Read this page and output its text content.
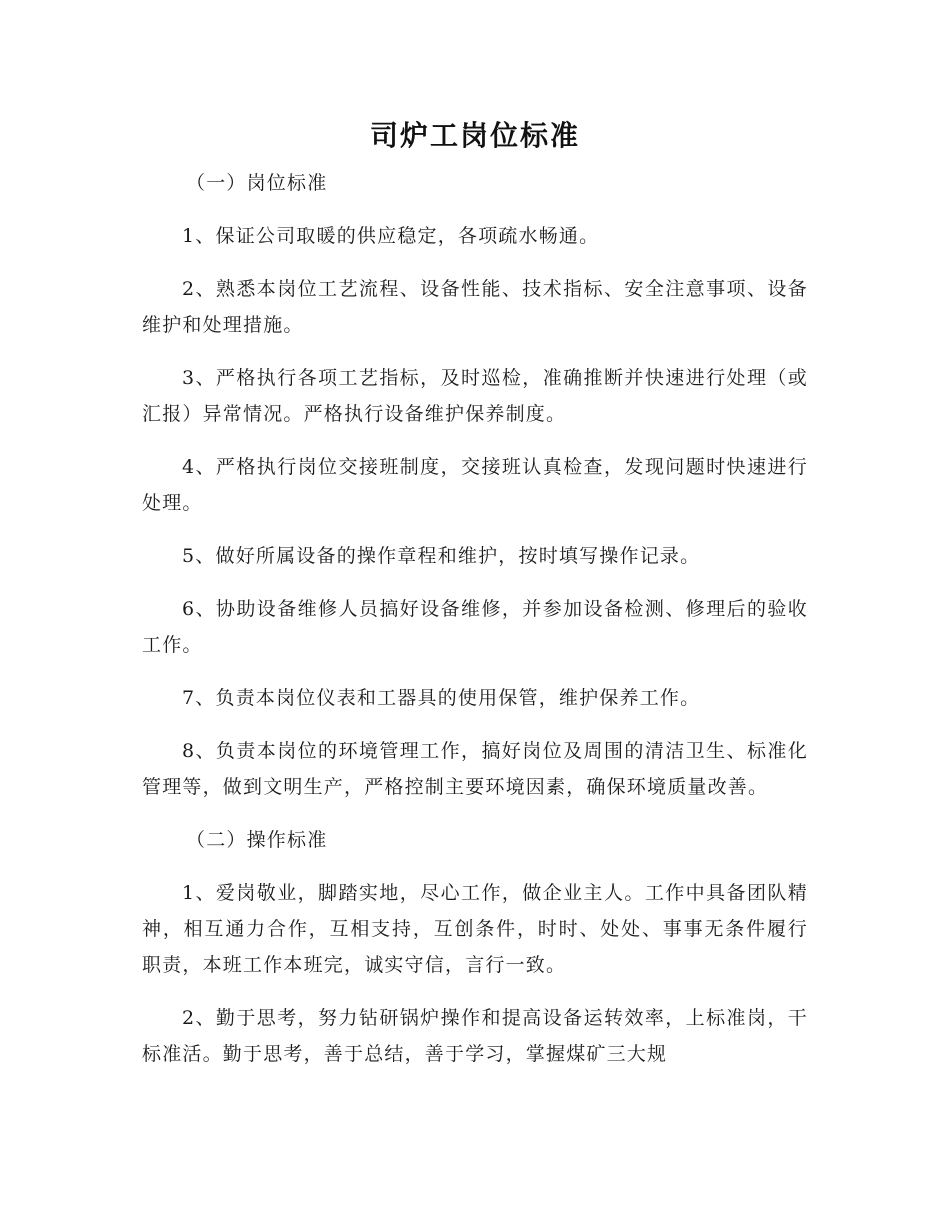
司炉工岗位标准

（一）岗位标准

1、保证公司取暖的供应稳定，各项疏水畅通。

2、熟悉本岗位工艺流程、设备性能、技术指标、安全注意事项、设备维护和处理措施。

3、严格执行各项工艺指标，及时巡检，准确推断并快速进行处理（或汇报）异常情况。严格执行设备维护保养制度。

4、严格执行岗位交接班制度，交接班认真检查，发现问题时快速进行处理。

5、做好所属设备的操作章程和维护，按时填写操作记录。

6、协助设备维修人员搞好设备维修，并参加设备检测、修理后的验收工作。

7、负责本岗位仪表和工器具的使用保管，维护保养工作。

8、负责本岗位的环境管理工作，搞好岗位及周围的清洁卫生、标准化管理等，做到文明生产，严格控制主要环境因素，确保环境质量改善。

（二）操作标准

1、爱岗敬业，脚踏实地，尽心工作，做企业主人。工作中具备团队精神，相互通力合作，互相支持，互创条件，时时、处处、事事无条件履行职责，本班工作本班完，诚实守信，言行一致。

2、勤于思考，努力钻研锅炉操作和提高设备运转效率，上标准岗，干标准活。勤于思考，善于总结，善于学习，掌握煤矿三大规
